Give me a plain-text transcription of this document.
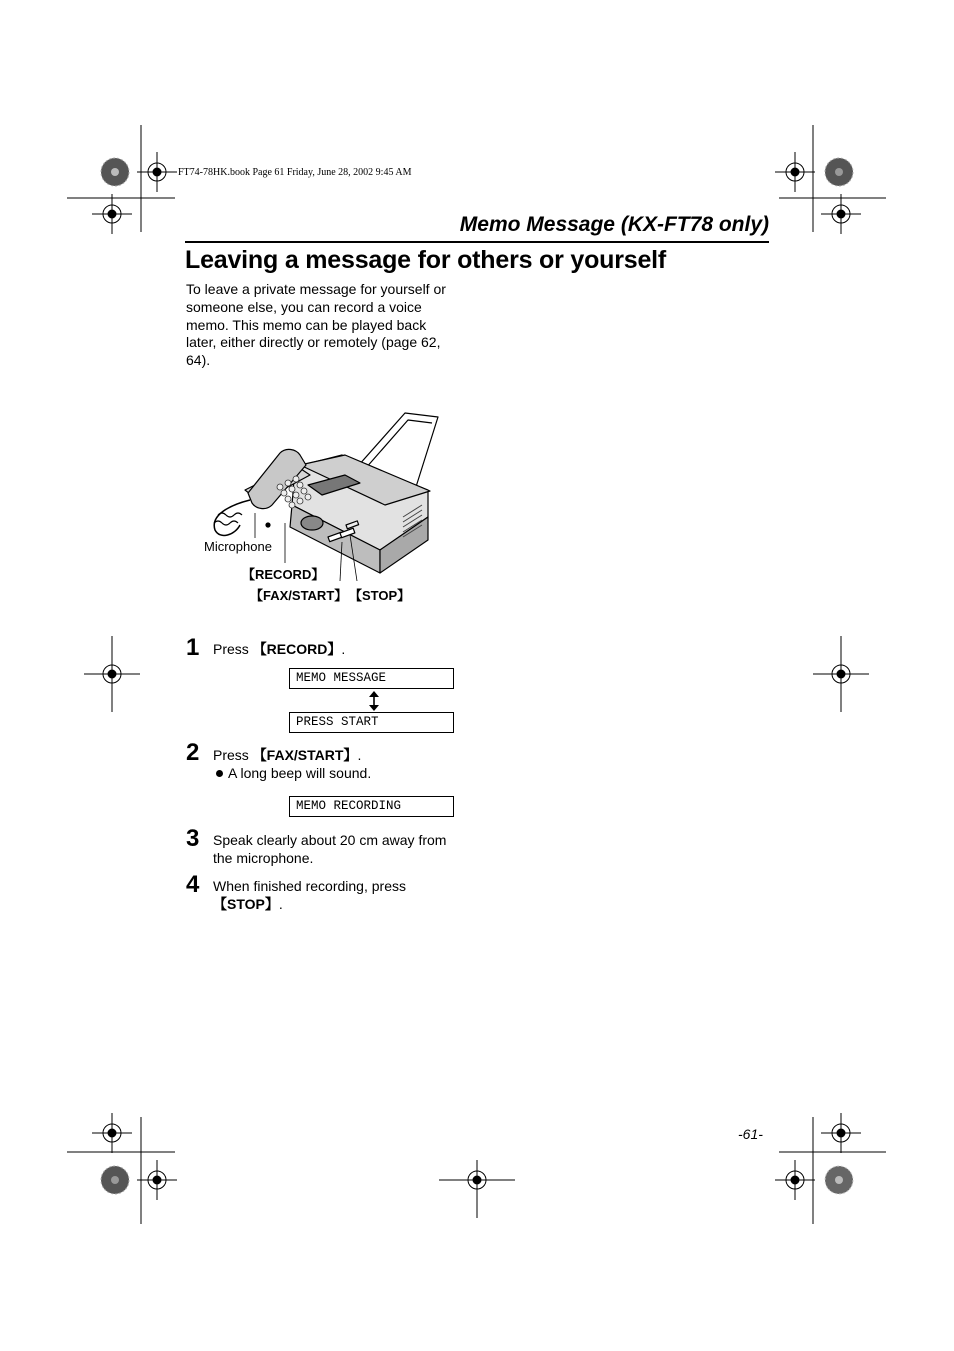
FT74-78HK.book Page 61 Friday, June 28, 2002 9:45 AM
Memo Message (KX-FT78 only)
Leaving a message for others or yourself
To leave a private message for yourself or
someone else, you can record a voice
memo. This memo can be played back
later, either directly or remotely (page 62,
64).
Microphone
【RECORD】
【FAX/START】 【STOP】
1 Press 【RECORD】.
MEMO MESSAGE
PRESS START
2 Press 【FAX/START】.
A long beep will sound.
MEMO RECORDING
3 Speak clearly about 20 cm away from
the microphone.
4 When finished recording, press
【STOP】.
-61-
